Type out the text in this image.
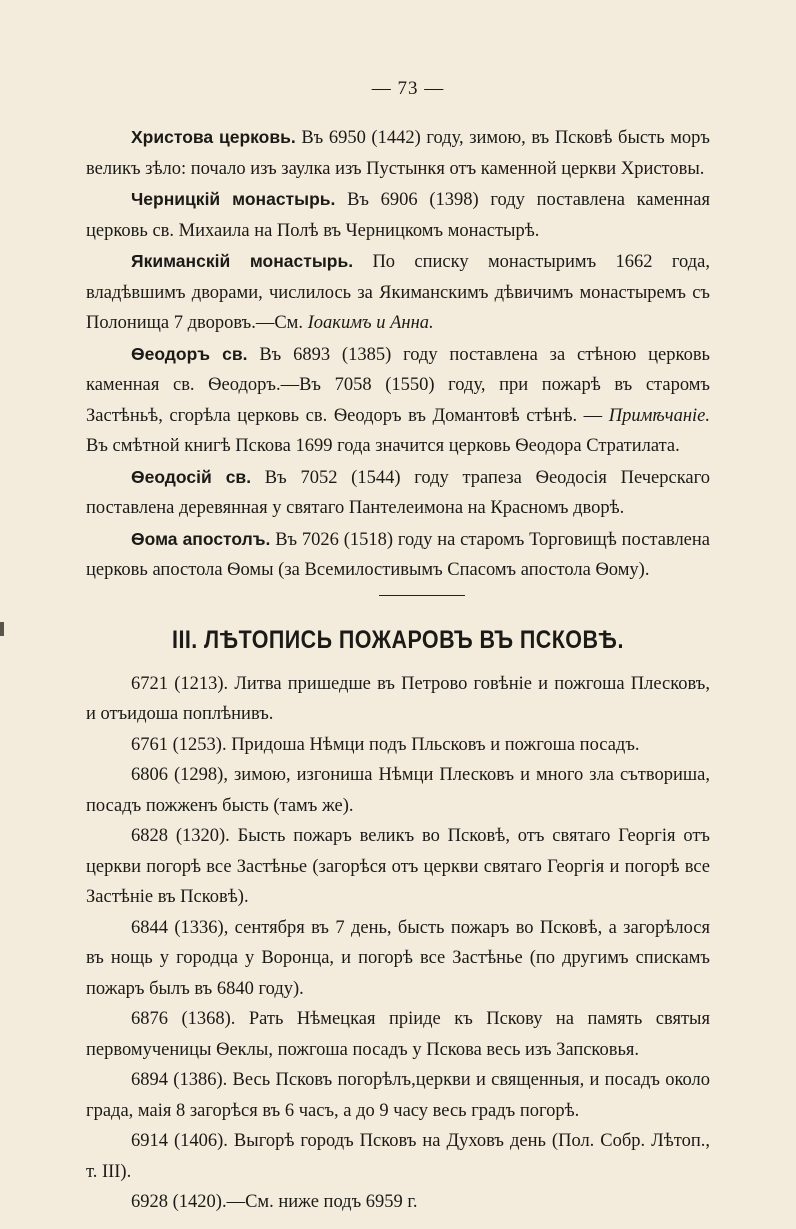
— 73 —

Христова церковь. Въ 6950 (1442) году, зимою, въ Псковѣ бысть моръ великъ зѣло: почало изъ заулка изъ Пустынкя отъ каменной церкви Христовы.

Черницкій монастырь. Въ 6906 (1398) году поставлена каменная церковь св. Михаила на Полѣ въ Черницкомъ монастырѣ.

Якиманскій монастырь. По списку монастыримъ 1662 года, владѣвшимъ дворами, числилось за Якиманскимъ дѣвичимъ монастыремъ съ Полонища 7 дворовъ.—См. Іоакимъ и Анна.

Ѳеодоръ св. Въ 6893 (1385) году поставлена за стѣною церковь каменная св. Ѳеодоръ.—Въ 7058 (1550) году, при пожарѣ въ старомъ Застѣньѣ, сгорѣла церковь св. Ѳеодоръ въ Домантовѣ стѣнѣ. — Примѣчаніе. Въ смѣтной книгѣ Пскова 1699 года значится церковь Ѳеодора Стратилата.

Ѳеодосій св. Въ 7052 (1544) году трапеза Ѳеодосія Печерскаго поставлена деревянная у святаго Пантелеимона на Красномъ дворѣ.

Ѳома апостолъ. Въ 7026 (1518) году на старомъ Торговищѣ поставлена церковь апостола Ѳомы (за Всемилостивымъ Спасомъ апостола Ѳому).

III. ЛѢТОПИСЬ ПОЖАРОВЪ ВЪ ПСКОВѢ.

6721 (1213). Литва пришедше въ Петрово говѣніе и пожгоша Плесковъ, и отъидоша поплѣнивъ.

6761 (1253). Придоша Нѣмци подъ Пльсковъ и пожгоша посадъ.

6806 (1298), зимою, изгониша Нѣмци Плесковъ и много зла сътвориша, посадъ пожженъ бысть (тамъ же).

6828 (1320). Бысть пожаръ великъ во Псковѣ, отъ святаго Георгія отъ церкви погорѣ все Застѣнье (загорѣся отъ церкви святаго Георгія и погорѣ все Застѣніе въ Псковѣ).

6844 (1336), сентября въ 7 день, бысть пожаръ во Псковѣ, а загорѣлося въ нощь у городца у Воронца, и погорѣ все Застѣнье (по другимъ спискамъ пожаръ былъ въ 6840 году).

6876 (1368). Рать Нѣмецкая пріиде къ Пскову на память святыя первомученицы Ѳеклы, пожгоша посадъ у Пскова весь изъ Запсковья.

6894 (1386). Весь Псковъ погорѣлъ,церкви и священныя, и посадъ около града, маія 8 загорѣся въ 6 часъ, а до 9 часу весь градъ погорѣ.

6914 (1406). Выгорѣ городъ Псковъ на Духовъ день (Пол. Собр. Лѣтоп., т. III).

6928 (1420).—См. ниже подъ 6959 г.
